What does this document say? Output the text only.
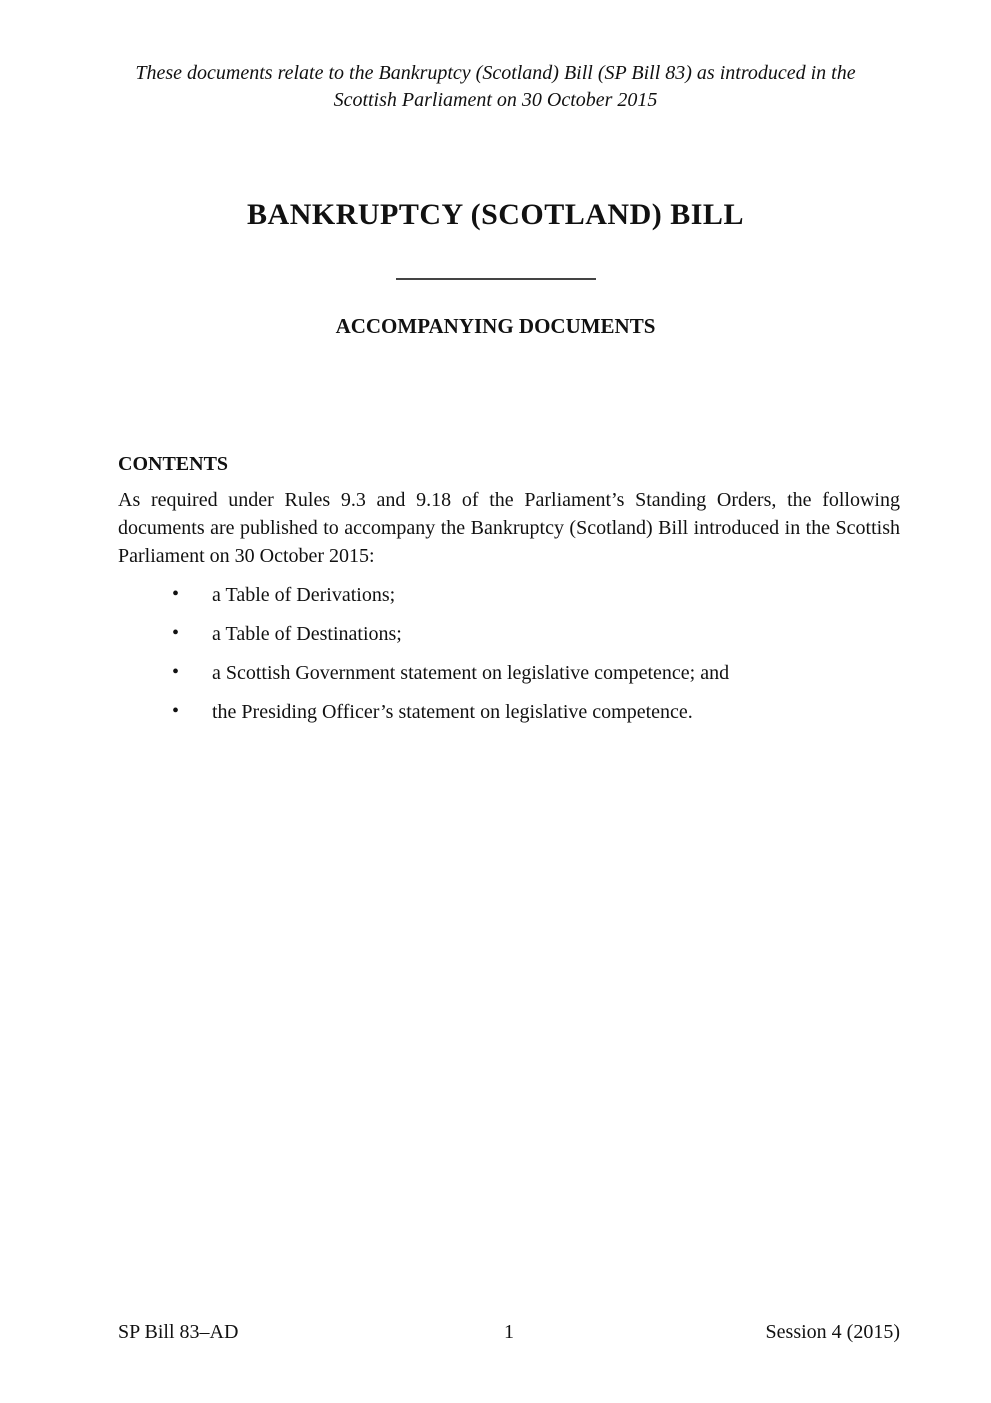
These documents relate to the Bankruptcy (Scotland) Bill (SP Bill 83) as introduced in the
Scottish Parliament on 30 October 2015
BANKRUPTCY (SCOTLAND) BILL
ACCOMPANYING DOCUMENTS
CONTENTS

As required under Rules 9.3 and 9.18 of the Parliament’s Standing Orders, the following documents are published to accompany the Bankruptcy (Scotland) Bill introduced in the Scottish Parliament on 30 October 2015:

• a Table of Derivations;
• a Table of Destinations;
• a Scottish Government statement on legislative competence; and
• the Presiding Officer’s statement on legislative competence.
SP Bill 83–AD	1	Session 4 (2015)
